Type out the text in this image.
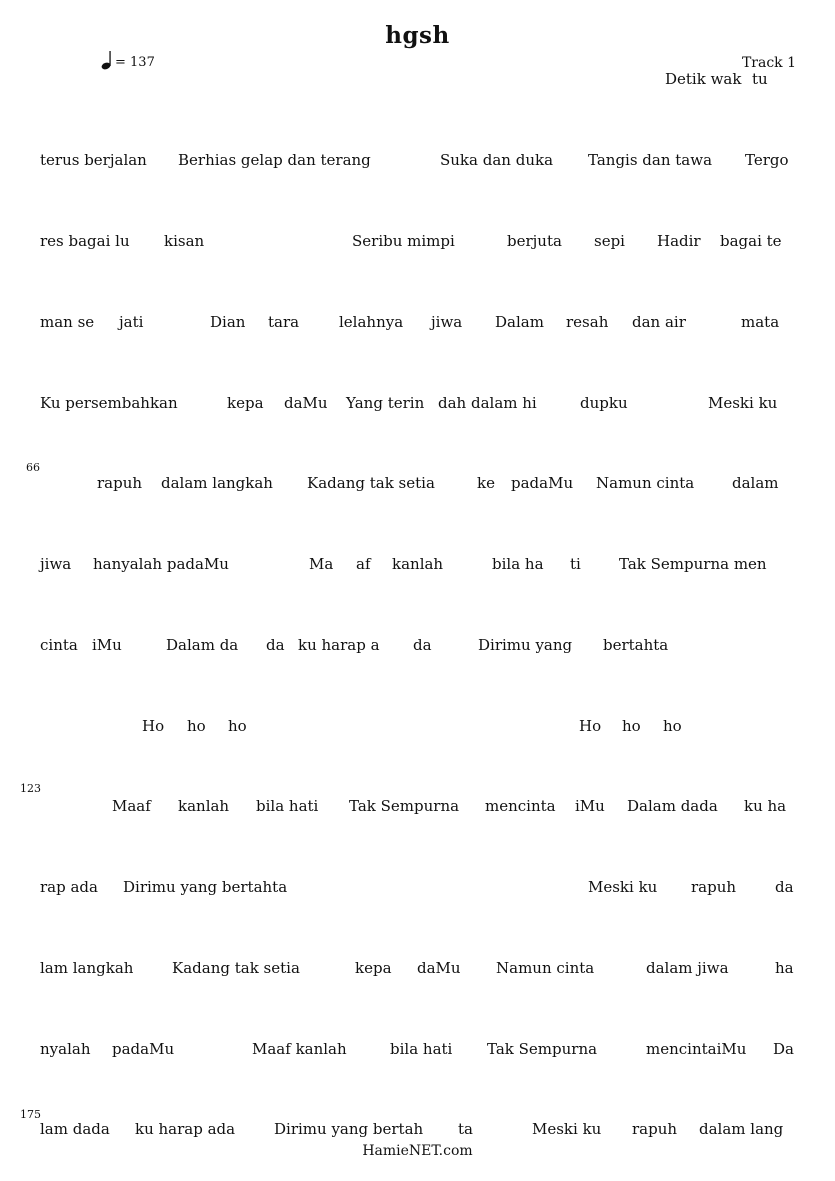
hgsh
= 137	Track 1
66
123
175
Detik wak tu
terus berjalan Berhias gelap dan terang	Suka dan duka Tangis dan tawa Tergo
res bagai lu kisan	Seribu mimpi	berjuta sepi Hadir bagai te
man se jati	Dian tara	lelahnya jiwa Dalam resah dan air	mata
Ku persembahkan	kepa daMu Yang terin dah dalam hi	dupku	Meski ku
rapuh dalam langkah Kadang tak setia	ke padaMu Namun cinta	dalam
jiwa hanyalah padaMu	Ma af kanlah	bila ha ti	Tak Sempurna men
cinta iMu	Dalam da da ku harap a da	Dirimu yang bertahta
Ho ho ho	Ho ho ho
Maaf kanlah bila hati Tak Sempurna mencinta iMu Dalam dada ku ha
rap ada Dirimu yang bertahta	Meski ku rapuh	da
lam langkah	Kadang tak setia	kepa daMu Namun cinta	dalam jiwa	ha
nyalah padaMu	Maaf kanlah	bila hati Tak Sempurna	mencintaiMu Da
lam dada ku harap ada	Dirimu yang bertah ta	Meski ku rapuh dalam lang
HamieNET.com
